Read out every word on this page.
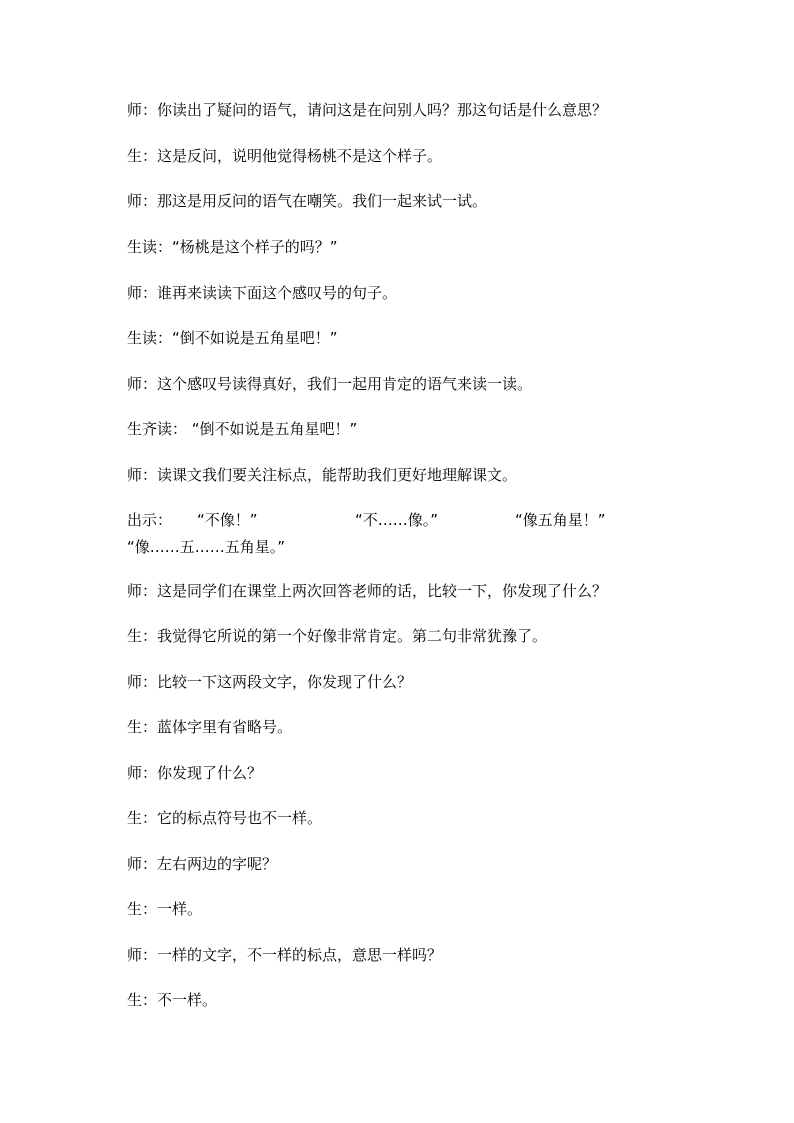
师：你读出了疑问的语气，请问这是在问别人吗？那这句话是什么意思？
生：这是反问，说明他觉得杨桃不是这个样子。
师：那这是用反问的语气在嘲笑。我们一起来试一试。
生读：“杨桃是这个样子的吗？”
师：谁再来读读下面这个感叹号的句子。
生读：“倒不如说是五角星吧！”
师：这个感叹号读得真好，我们一起用肯定的语气来读一读。
生齐读： “倒不如说是五角星吧！”
师：读课文我们要关注标点，能帮助我们更好地理解课文。
出示： “不像！”	“不……像。”	“像五角星！”
“像……五……五角星。”
师：这是同学们在课堂上两次回答老师的话，比较一下，你发现了什么？
生：我觉得它所说的第一个好像非常肯定。第二句非常犹豫了。
师：比较一下这两段文字，你发现了什么？
生：蓝体字里有省略号。
师：你发现了什么？
生：它的标点符号也不一样。
师：左右两边的字呢？
生：一样。
师：一样的文字，不一样的标点，意思一样吗？
生：不一样。
